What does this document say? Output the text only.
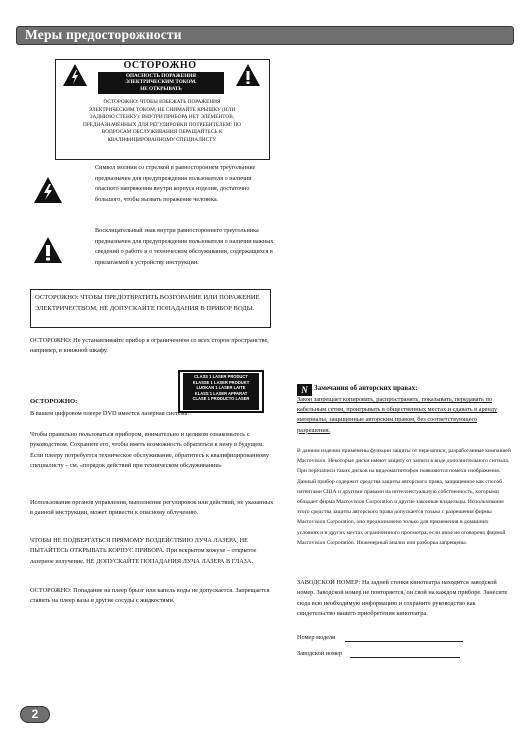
Меры предосторожности
ОСТОРОЖНО
ОПАСНОСТЬ ПОРАЖЕНИЯ
ЭЛЕКТРИЧЕСКИМ ТОКОМ.
НЕ ОТКРЫВАТЬ
ОСТОРОЖНО: ЧТОБЫ ИЗБЕЖАТЬ ПОРАЖЕНИЯ
ЭЛЕКТРИЧЕСКИМ ТОКОМ, НЕ СНИМАЙТЕ КРЫШКУ (ИЛИ
ЗАДНЮЮ СТЕНКУ): ВНУТРИ ПРИБОРА НЕТ ЭЛЕМЕНТОВ,
ПРЕДНАЗНАЧЕННЫХ ДЛЯ РЕГУЛИРОВКИ ПОТРЕБИТЕЛЕМ: ПО
ВОПРОСАМ ОБСЛУЖИВАНИЯ ОБРАЩАЙТЕСЬ К
КВАЛИФИЦИРОВАННОМУ СПЕЦИАЛИСТУ.
Символ молнии со стрелкой в равностороннем треугольнике предназначен для предупреждения пользователя о наличии опасного напряжения внутри корпуса изделия, достаточно большого, чтобы вызвать поражение человека.
Восклицательный знак внутри равностороннего треугольника предназначен для предупреждения пользователя о наличии важных сведений о работе и о техническом обслуживании, содержащихся в прилагаемой к устройству инструкции.
ОСТОРОЖНО: ЧТОБЫ ПРЕДОТВРАТИТЬ ВОЗГОРАНИЕ ИЛИ ПОРАЖЕНИЕ ЭЛЕКТРИЧЕСТВОМ, НЕ ДОПУСКАЙТЕ ПОПАДАНИЯ В ПРИБОР ВОДЫ.
ОСТОРОЖНО: Не устанавливайте прибор в ограниченном со всех сторон пространстве, например, в книжной шкафу.
CLASS 1 LASER PRODUCT
KLASSE 1 LASER PRODUKT
LUOKAN 1 LASER LAITE
KLASS 1 LASER APPARAT
CLASE 1 PRODUCTO LASER
ОСТОРОЖНО:
В вашем цифровом плеере DVD имеется лазерная система.
Чтобы правильно пользоваться прибором, внимательно и целиком ознакомьтесь с руководством. Сохраните его, чтобы иметь возможность обратиться к нему в будущем. Если плееру потребуется техническое обслуживание, обратитесь к квалифицированному специалисту – см. «порядок действий при техническом обслуживании»
Использование органов управления, выполнение регулировок или действий, не указанных в данной инструкции, может привести к опасному облучению.
ЧТОБЫ НЕ ПОДВЕРГАТЬСЯ ПРЯМОМУ ВОЗДЕЙСТВИЮ ЛУЧА ЛАЗЕРА, НЕ ПЫТАЙТЕСЬ ОТКРЫВАТЬ КОРПУС ПРИБОРА. При вскрытом кожухе – открытое лазерное излучение. НЕ ДОПУСКАЙТЕ ПОПАДАНИЯ ЛУЧА ЛАЗЕРА В ГЛАЗА.
ОСТОРОЖНО: Попадание на плеер брызг или капель воды не допускается. Запрещается ставить на плеер вазы и другие сосуды с жидкостями.
N Замечания об авторских правах:
Закон запрещает копировать, распространять, показывать, передавать по кабельным сетям, проигрывать в общественных местах и сдавать в аренду материалы, защищенные авторским правом, без соответствующего разрешения.
В данном изделии применены функции защиты от перезаписи, разработанные компанией Macrovision. Некоторые диски имеют защиту от записи в виде дополнительного сигнала. При перезаписи таких дисков на видеомагнитофон появляются помехи изображения. Данный прибор содержит средства защиты авторского права, защищенное как способ патентами США и другими правами на интеллектуальную собственность, которыми обладает фирма Macrovision Corporation и другие законные владельцы. Использование этого средства защиты авторского права допускается только с разрешения фирмы Macrovision Corporation, оно предназначено только для применения в домашних условиях и в других местах ограниченного просмотра, если иное не оговорено фирмой Macrovision Corporation. Инженерный анализ или разборка запрещены.
ЗАВОДСКОЙ НОМЕР: На задней стенки кинотеатра находится заводской номер. Заводской номер не повторяется, он свой на каждом приборе. Занесите сюда всю необходимую информацию и сохраните руководство как свидетельство вашего приобретения кинотеатра.
Номер модели
Заводской номер
2
